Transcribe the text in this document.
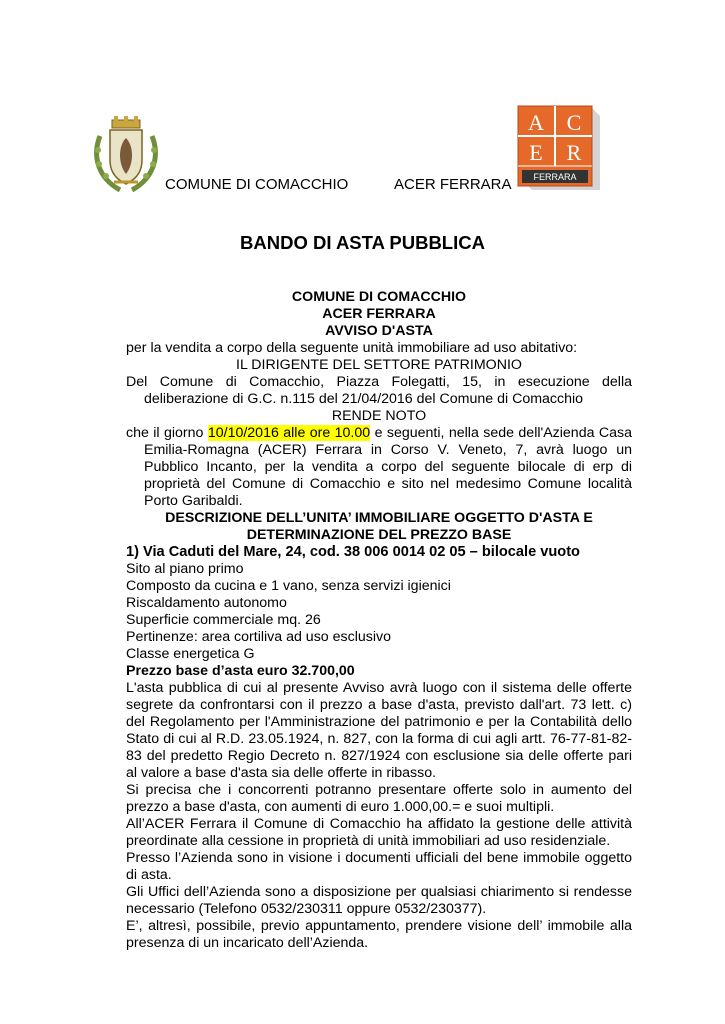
COMUNE DI COMACCHIO	ACER FERRARA
A C
E R
FERRARA
BANDO DI ASTA PUBBLICA

COMUNE DI COMACCHIO

ACER FERRARA

AVVISO D'ASTA

per la vendita a corpo della seguente unità immobiliare ad uso abitativo:

IL DIRIGENTE DEL SETTORE PATRIMONIO

Del Comune di Comacchio, Piazza Folegatti, 15, in esecuzione della deliberazione di G.C. n.115 del 21/04/2016 del Comune di Comacchio

RENDE NOTO

che il giorno 10/10/2016 alle ore 10.00 e seguenti, nella sede dell'Azienda Casa Emilia-Romagna (ACER) Ferrara in Corso V. Veneto, 7, avrà luogo un Pubblico Incanto, per la vendita a corpo del seguente bilocale di erp di proprietà del Comune di Comacchio e sito nel medesimo Comune località Porto Garibaldi.

DESCRIZIONE DELL’UNITA’ IMMOBILIARE OGGETTO D'ASTA E

DETERMINAZIONE DEL PREZZO BASE

1) Via Caduti del Mare, 24, cod. 38 006 0014 02 05 – bilocale vuoto

Sito al piano primo

Composto da cucina e 1 vano, senza servizi igienici

Riscaldamento autonomo

Superficie commerciale mq. 26

Pertinenze: area cortiliva ad uso esclusivo

Classe energetica G

Prezzo base d’asta euro 32.700,00

L'asta pubblica di cui al presente Avviso avrà luogo con il sistema delle offerte segrete da confrontarsi con il prezzo a base d'asta, previsto dall'art. 73 lett. c) del Regolamento per l'Amministrazione del patrimonio e per la Contabilità dello Stato di cui al R.D. 23.05.1924, n. 827, con la forma di cui agli artt. 76-77-81-82-83 del predetto Regio Decreto n. 827/1924 con esclusione sia delle offerte pari al valore a base d'asta sia delle offerte in ribasso.

Si precisa che i concorrenti potranno presentare offerte solo in aumento del prezzo a base d'asta, con aumenti di euro 1.000,00.= e suoi multipli.

All’ACER Ferrara il Comune di Comacchio ha affidato la gestione delle attività preordinate alla cessione in proprietà di unità immobiliari ad uso residenziale.

Presso l’Azienda sono in visione i documenti ufficiali del bene immobile oggetto di asta.

Gli Uffici dell’Azienda sono a disposizione per qualsiasi chiarimento si rendesse necessario (Telefono 0532/230311 oppure 0532/230377).

E’, altresì, possibile, previo appuntamento, prendere visione dell’ immobile alla presenza di un incaricato dell’Azienda.
